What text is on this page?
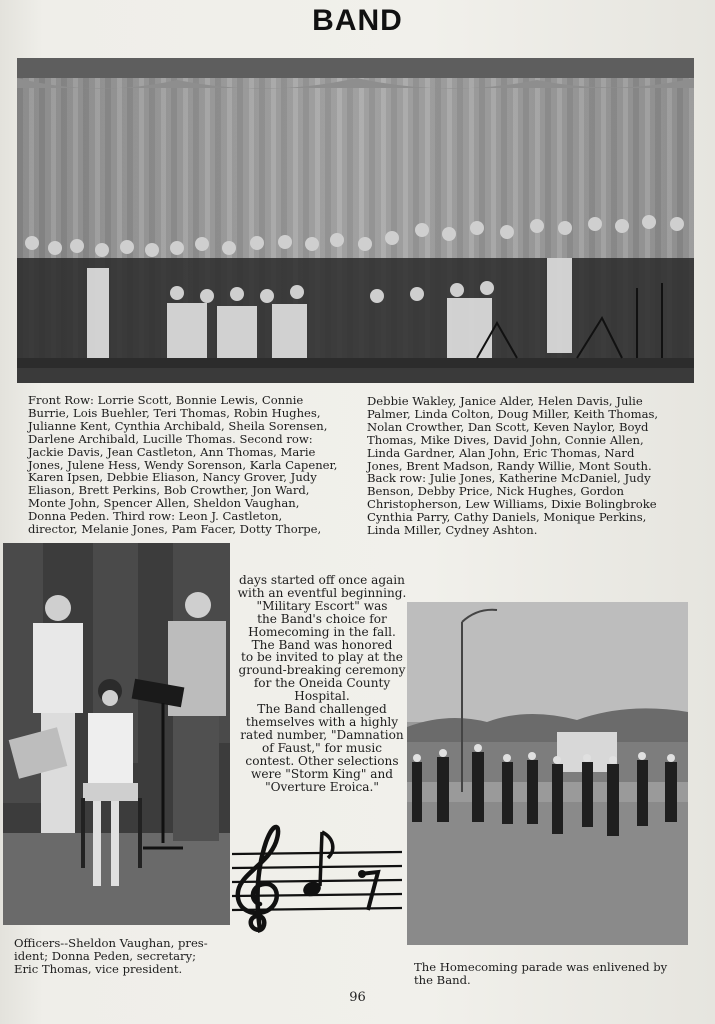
BAND
Front Row: Lorrie Scott, Bonnie Lewis, Connie
Burrie, Lois Buehler, Teri Thomas, Robin Hughes,
Julianne Kent, Cynthia Archibald, Sheila Sorensen,
Darlene Archibald, Lucille Thomas. Second row:
Jackie Davis, Jean Castleton, Ann Thomas, Marie
Jones, Julene Hess, Wendy Sorenson, Karla Capener,
Karen Ipsen, Debbie Eliason, Nancy Grover, Judy
Eliason, Brett Perkins, Bob Crowther, Jon Ward,
Monte John, Spencer Allen, Sheldon Vaughan,
Donna Peden. Third row: Leon J. Castleton,
director, Melanie Jones, Pam Facer, Dotty Thorpe,
Debbie Wakley, Janice Alder, Helen Davis, Julie
Palmer, Linda Colton, Doug Miller, Keith Thomas,
Nolan Crowther, Dan Scott, Keven Naylor, Boyd
Thomas, Mike Dives, David John, Connie Allen,
Linda Gardner, Alan John, Eric Thomas, Nard
Jones, Brent Madson, Randy Willie, Mont South.
Back row: Julie Jones, Katherine McDaniel, Judy
Benson, Debby Price, Nick Hughes, Gordon
Christopherson, Lew Williams, Dixie Bolingbroke
Cynthia Parry, Cathy Daniels, Monique Perkins,
Linda Miller, Cydney Ashton.
days started off once again
with an eventful beginning.
"Military Escort" was
the Band's choice for
Homecoming in the fall.
The Band was honored
to be invited to play at the
ground-breaking ceremony
for the Oneida County
Hospital.
The Band challenged
themselves with a highly
rated number, "Damnation
of Faust," for music
contest. Other selections
were "Storm King" and
"Overture Eroica."
Officers--Sheldon Vaughan, pres-
ident; Donna Peden, secretary;
Eric Thomas, vice president.	The Homecoming parade was enlivened by
the Band.
96
